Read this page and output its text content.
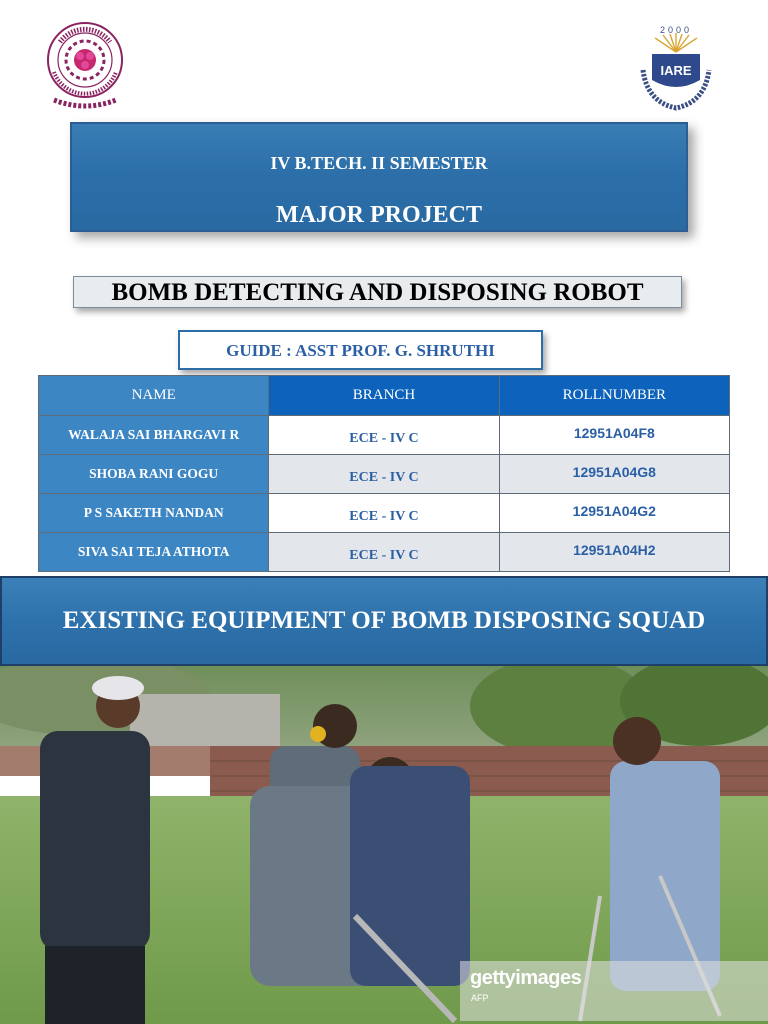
2000
IARE
IV B.TECH. II SEMESTER
MAJOR PROJECT
BOMB DETECTING AND DISPOSING ROBOT
GUIDE : ASST PROF. G. SHRUTHI
NAME	BRANCH	ROLLNUMBER
WALAJA SAI BHARGAVI R	ECE - IV C	12951A04F8
SHOBA RANI GOGU	ECE - IV C	12951A04G8
P S SAKETH NANDAN	ECE - IV C	12951A04G2
SIVA SAI TEJA ATHOTA	ECE - IV C	12951A04H2
EXISTING EQUIPMENT OF BOMB DISPOSING SQUAD
gettyimages
AFP
